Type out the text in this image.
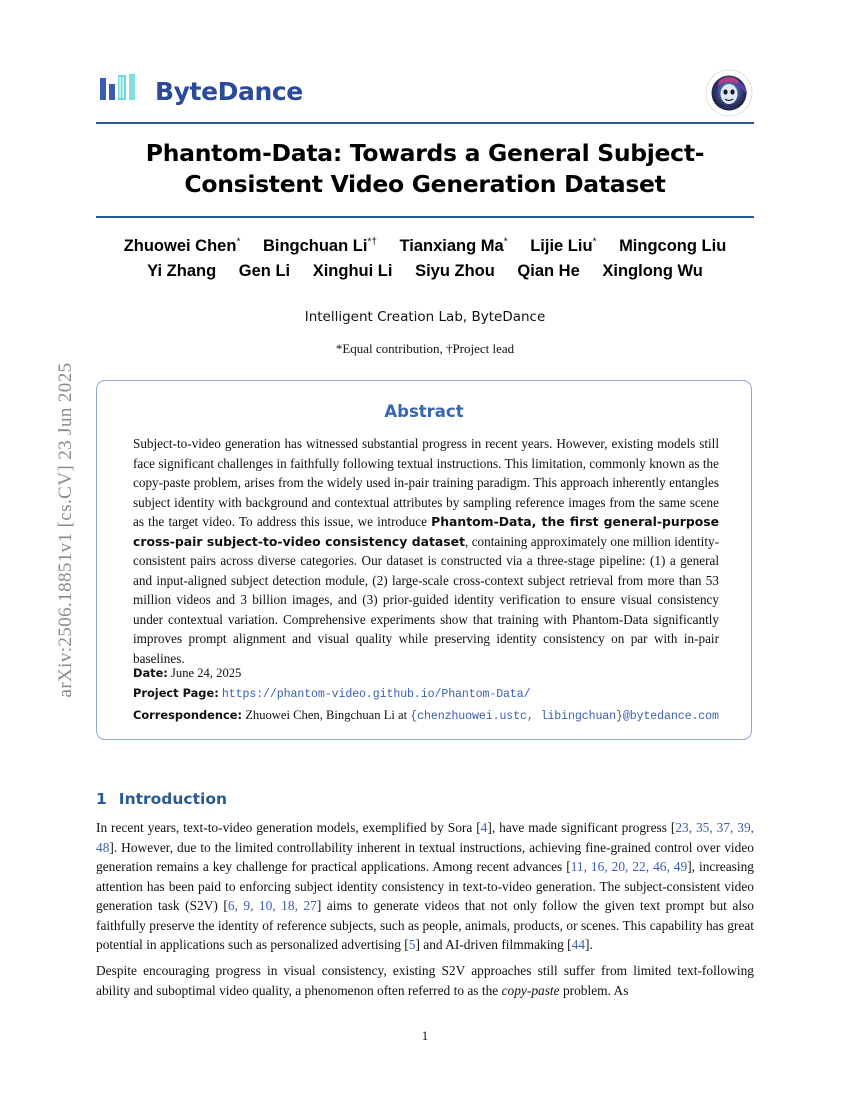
arXiv:2506.18851v1 [cs.CV] 23 Jun 2025
ByteDance
Phantom-Data: Towards a General Subject-Consistent Video Generation Dataset
Zhuowei Chen* Bingchuan Li*† Tianxiang Ma* Lijie Liu* Mingcong Liu
Yi Zhang Gen Li Xinghui Li Siyu Zhou Qian He Xinglong Wu
Intelligent Creation Lab, ByteDance
*Equal contribution, †Project lead
Abstract
Subject-to-video generation has witnessed substantial progress in recent years. However, existing models still face significant challenges in faithfully following textual instructions. This limitation, commonly known as the copy-paste problem, arises from the widely used in-pair training paradigm. This approach inherently entangles subject identity with background and contextual attributes by sampling reference images from the same scene as the target video. To address this issue, we introduce Phantom-Data, the first general-purpose cross-pair subject-to-video consistency dataset, containing approximately one million identity-consistent pairs across diverse categories. Our dataset is constructed via a three-stage pipeline: (1) a general and input-aligned subject detection module, (2) large-scale cross-context subject retrieval from more than 53 million videos and 3 billion images, and (3) prior-guided identity verification to ensure visual consistency under contextual variation. Comprehensive experiments show that training with Phantom-Data significantly improves prompt alignment and visual quality while preserving identity consistency on par with in-pair baselines.
Date: June 24, 2025
Project Page: https://phantom-video.github.io/Phantom-Data/
Correspondence: Zhuowei Chen, Bingchuan Li at {chenzhuowei.ustc, libingchuan}@bytedance.com
1 Introduction
In recent years, text-to-video generation models, exemplified by Sora [4], have made significant progress [23, 35, 37, 39, 48]. However, due to the limited controllability inherent in textual instructions, achieving fine-grained control over video generation remains a key challenge for practical applications. Among recent advances [11, 16, 20, 22, 46, 49], increasing attention has been paid to enforcing subject identity consistency in text-to-video generation. The subject-consistent video generation task (S2V) [6, 9, 10, 18, 27] aims to generate videos that not only follow the given text prompt but also faithfully preserve the identity of reference subjects, such as people, animals, products, or scenes. This capability has great potential in applications such as personalized advertising [5] and AI-driven filmmaking [44].
Despite encouraging progress in visual consistency, existing S2V approaches still suffer from limited text-following ability and suboptimal video quality, a phenomenon often referred to as the copy-paste problem. As
1
